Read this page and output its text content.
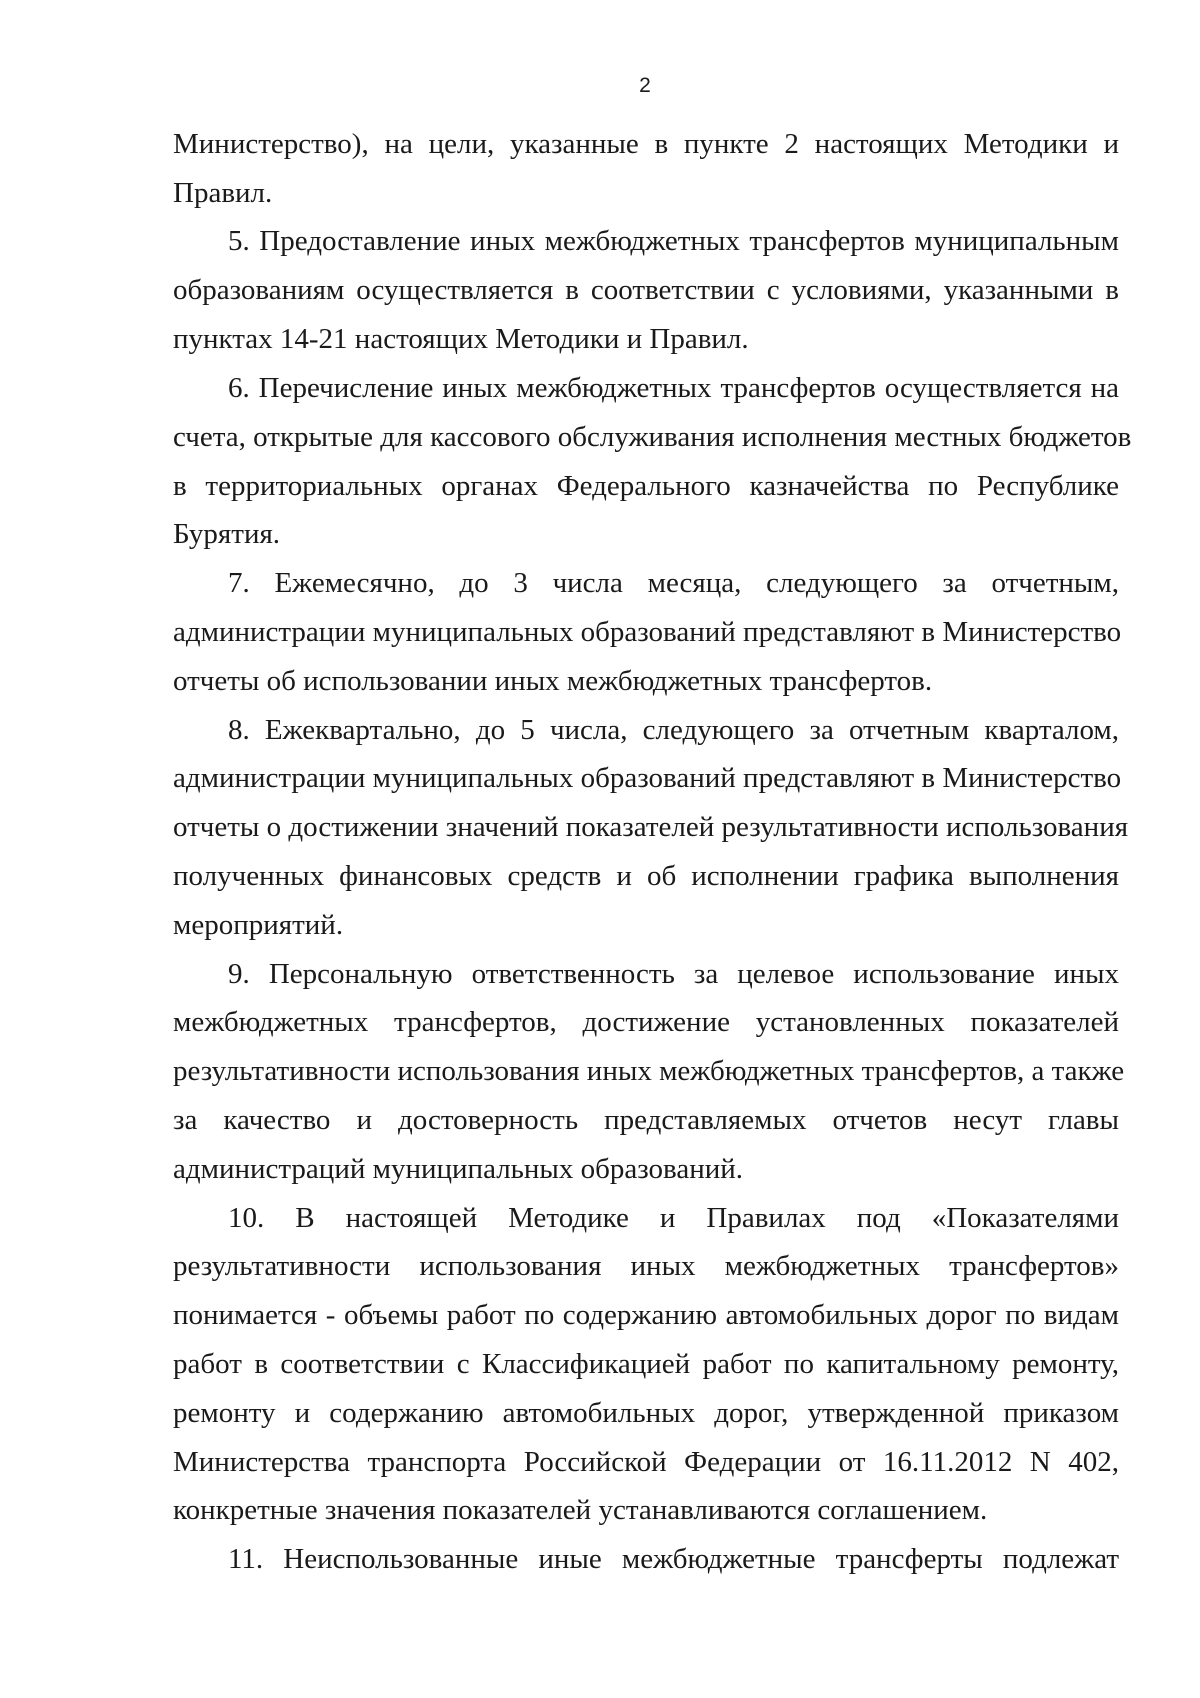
2
Министерство), на цели, указанные в пункте 2 настоящих Методики и
Правил.
5. Предоставление иных межбюджетных трансфертов муниципальным
образованиям осуществляется в соответствии с условиями, указанными в
пунктах 14-21 настоящих Методики и Правил.
6. Перечисление иных межбюджетных трансфертов осуществляется на
счета, открытые для кассового обслуживания исполнения местных бюджетов
в территориальных органах Федерального казначейства по Республике
Бурятия.
7. Ежемесячно, до 3 числа месяца, следующего за отчетным,
администрации муниципальных образований представляют в Министерство
отчеты об использовании иных межбюджетных трансфертов.
8. Ежеквартально, до 5 числа, следующего за отчетным кварталом,
администрации муниципальных образований представляют в Министерство
отчеты о достижении значений показателей результативности использования
полученных финансовых средств и об исполнении графика выполнения
мероприятий.
9. Персональную ответственность за целевое использование иных
межбюджетных трансфертов, достижение установленных показателей
результативности использования иных межбюджетных трансфертов, а также
за качество и достоверность представляемых отчетов несут главы
администраций муниципальных образований.
10. В настоящей Методике и Правилах под «Показателями
результативности использования иных межбюджетных трансфертов»
понимается - объемы работ по содержанию автомобильных дорог по видам
работ в соответствии с Классификацией работ по капитальному ремонту,
ремонту и содержанию автомобильных дорог, утвержденной приказом
Министерства транспорта Российской Федерации от 16.11.2012 N 402,
конкретные значения показателей устанавливаются соглашением.
11. Неиспользованные иные межбюджетные трансферты подлежат
